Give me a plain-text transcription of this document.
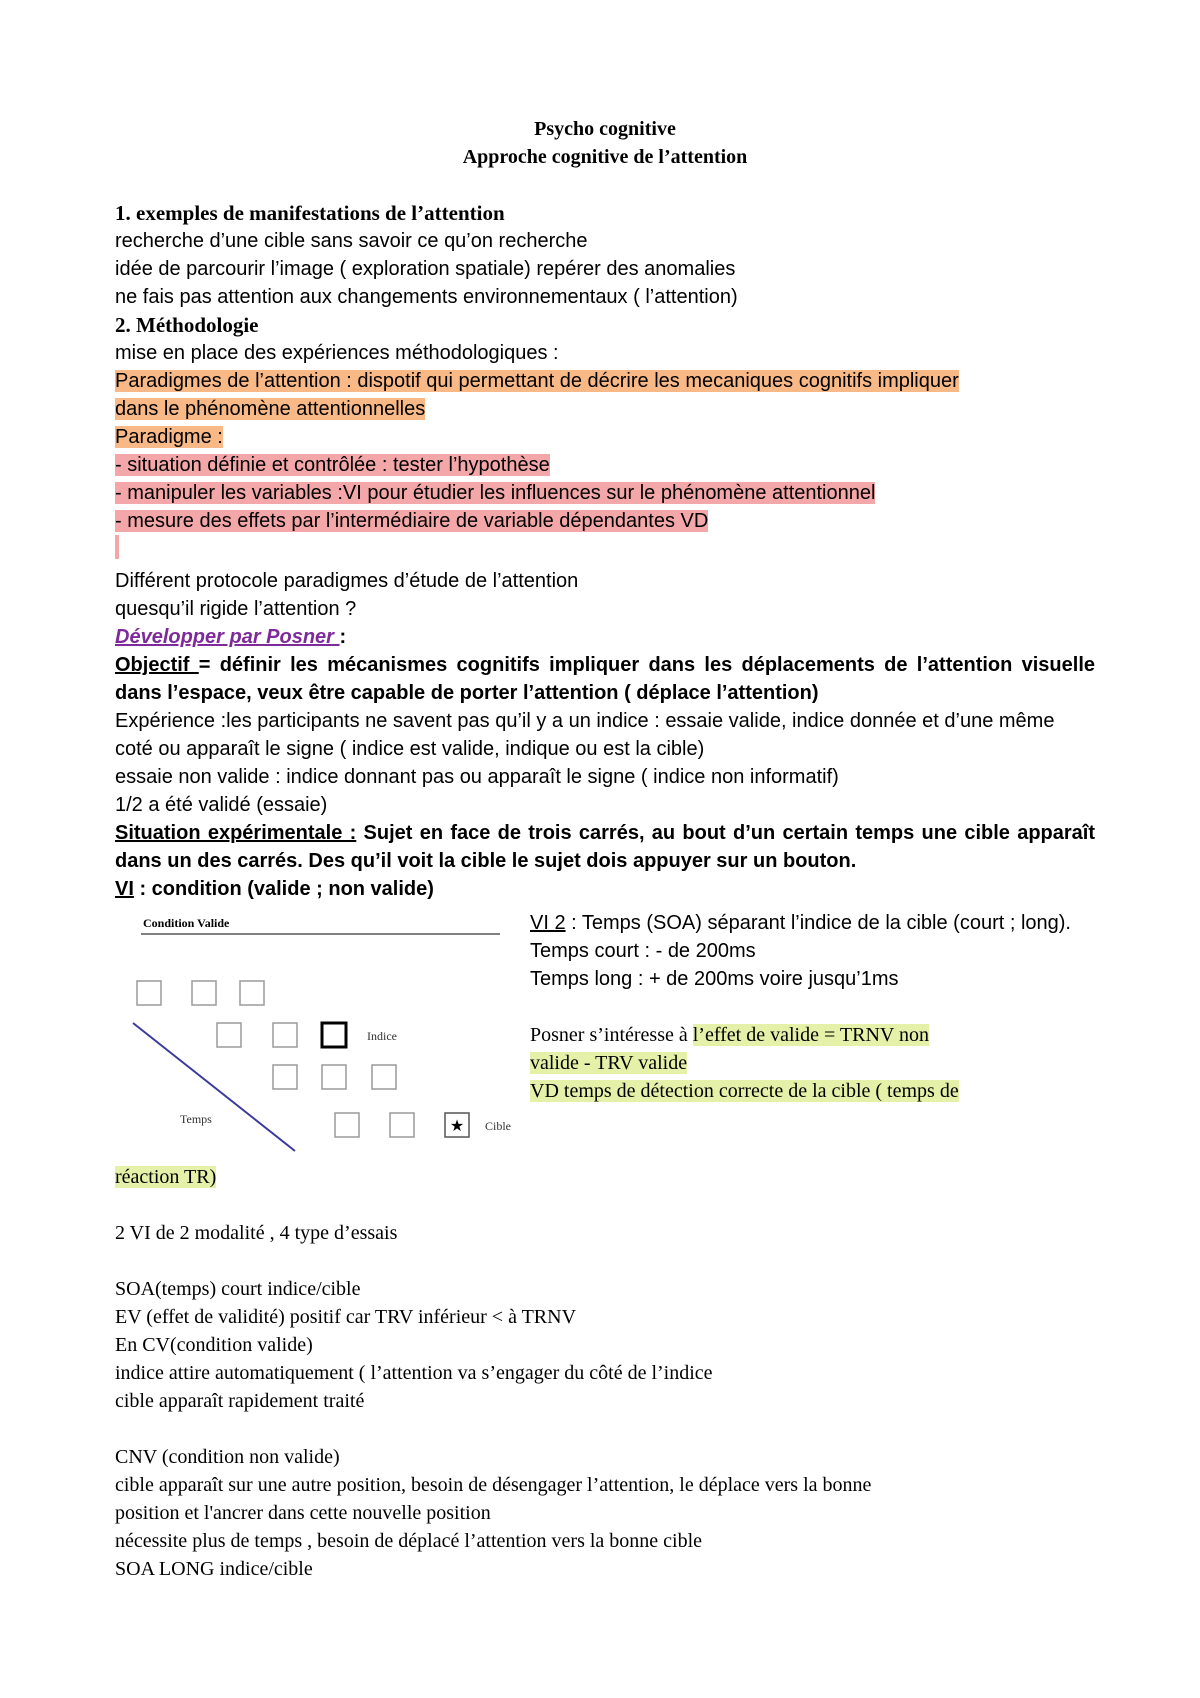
Psycho cognitive
Approche cognitive de l’attention
1. exemples de manifestations de l’attention
recherche d’une cible sans savoir ce qu’on recherche
idée de parcourir l’image ( exploration spatiale) repérer des anomalies
ne fais pas attention aux changements environnementaux ( l’attention)
2. Méthodologie
mise en place des expériences méthodologiques :
Paradigmes de l’attention : dispotif qui permettant de décrire les mecaniques cognitifs impliquer
dans le phénomène attentionnelles
Paradigme :
- situation définie et contrôlée : tester l’hypothèse
- manipuler les variables :VI pour étudier les influences sur le phénomène attentionnel
- mesure des effets par l’intermédiaire de variable dépendantes VD
Différent protocole paradigmes d’étude de l’attention
quesqu’il rigide l’attention ?
Développer par Posner :
Objectif = définir les mécanismes cognitifs impliquer dans les déplacements de l’attention visuelle dans l’espace, veux être capable de porter l’attention ( déplace l’attention)
Expérience :les participants ne savent pas qu’il y a un indice : essaie valide, indice donnée et d’une même coté ou apparaît le signe ( indice est valide, indique ou est la cible)
essaie non valide : indice donnant pas ou apparaît le signe ( indice non informatif)
1/2 a été validé (essaie)
Situation expérimentale : Sujet en face de trois carrés, au bout d’un certain temps une cible apparaît dans un des carrés. Des qu’il voit la cible le sujet dois appuyer sur un bouton.
VI : condition (valide ; non valide)
Condition Valide
Indice
★ Cible
Temps
VI 2 : Temps (SOA) séparant l’indice de la cible (court ; long).
Temps court : - de 200ms
Temps long : + de 200ms voire jusqu’1ms
Posner s’intéresse à l’effet de valide = TRNV non
valide - TRV valide
VD temps de détection correcte de la cible ( temps de
réaction TR)
2 VI de 2 modalité , 4 type d’essais
SOA(temps) court indice/cible
EV (effet de validité) positif car TRV inférieur < à TRNV
En CV(condition valide)
indice attire automatiquement ( l’attention va s’engager du côté de l’indice
cible apparaît rapidement traité
CNV (condition non valide)
cible apparaît sur une autre position, besoin de désengager l’attention, le déplace vers la bonne
position et l'ancrer dans cette nouvelle position
nécessite plus de temps , besoin de déplacé l’attention vers la bonne cible
SOA LONG indice/cible
